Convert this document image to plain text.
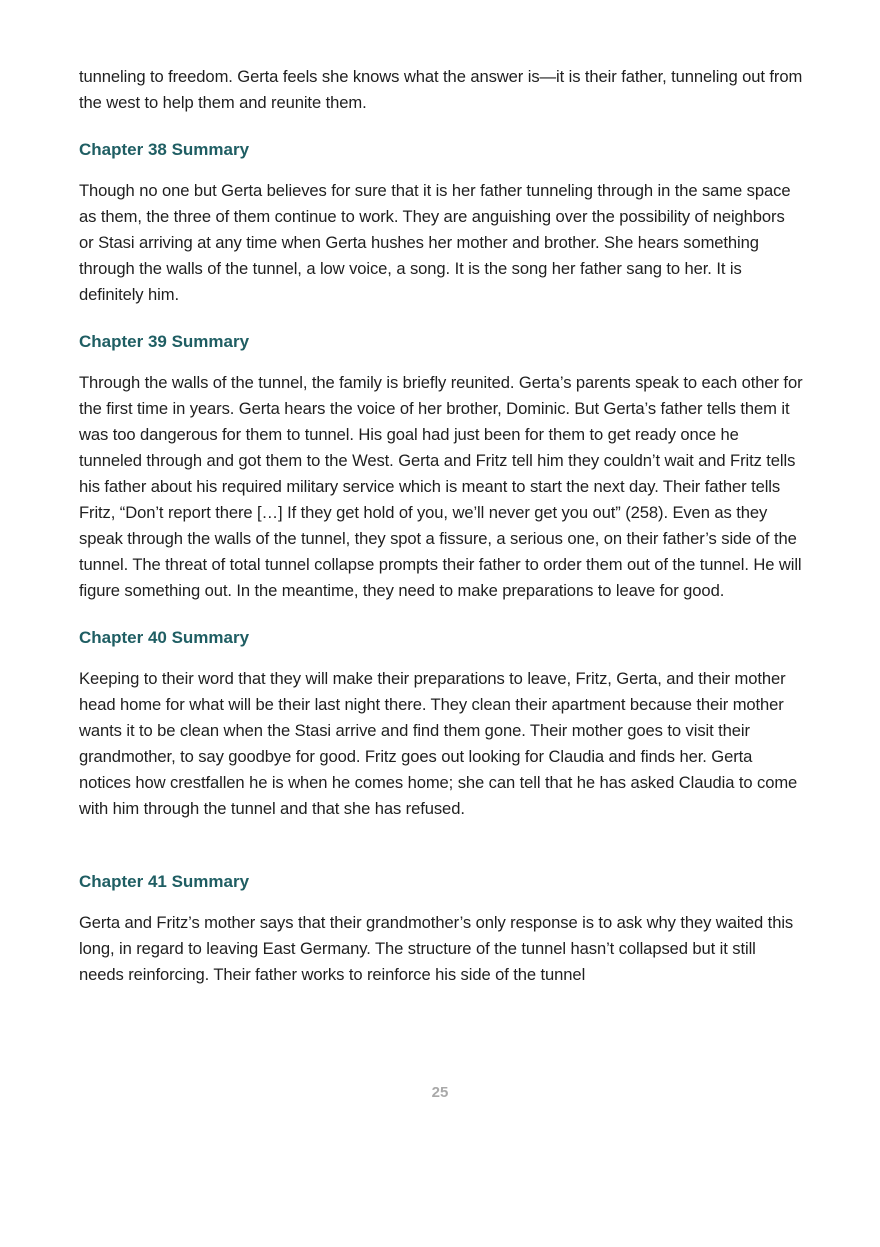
tunneling to freedom. Gerta feels she knows what the answer is—it is their father, tunneling out from the west to help them and reunite them.

Chapter 38 Summary

Though no one but Gerta believes for sure that it is her father tunneling through in the same space as them, the three of them continue to work. They are anguishing over the possibility of neighbors or Stasi arriving at any time when Gerta hushes her mother and brother. She hears something through the walls of the tunnel, a low voice, a song. It is the song her father sang to her. It is definitely him.

Chapter 39 Summary

Through the walls of the tunnel, the family is briefly reunited. Gerta’s parents speak to each other for the first time in years. Gerta hears the voice of her brother, Dominic. But Gerta’s father tells them it was too dangerous for them to tunnel. His goal had just been for them to get ready once he tunneled through and got them to the West. Gerta and Fritz tell him they couldn’t wait and Fritz tells his father about his required military service which is meant to start the next day. Their father tells Fritz, “Don’t report there […] If they get hold of you, we’ll never get you out” (258). Even as they speak through the walls of the tunnel, they spot a fissure, a serious one, on their father’s side of the tunnel. The threat of total tunnel collapse prompts their father to order them out of the tunnel. He will figure something out. In the meantime, they need to make preparations to leave for good.

Chapter 40 Summary

Keeping to their word that they will make their preparations to leave, Fritz, Gerta, and their mother head home for what will be their last night there. They clean their apartment because their mother wants it to be clean when the Stasi arrive and find them gone. Their mother goes to visit their grandmother, to say goodbye for good. Fritz goes out looking for Claudia and finds her. Gerta notices how crestfallen he is when he comes home; she can tell that he has asked Claudia to come with him through the tunnel and that she has refused.

Chapter 41 Summary

Gerta and Fritz’s mother says that their grandmother’s only response is to ask why they waited this long, in regard to leaving East Germany. The structure of the tunnel hasn’t collapsed but it still needs reinforcing. Their father works to reinforce his side of the tunnel

25
